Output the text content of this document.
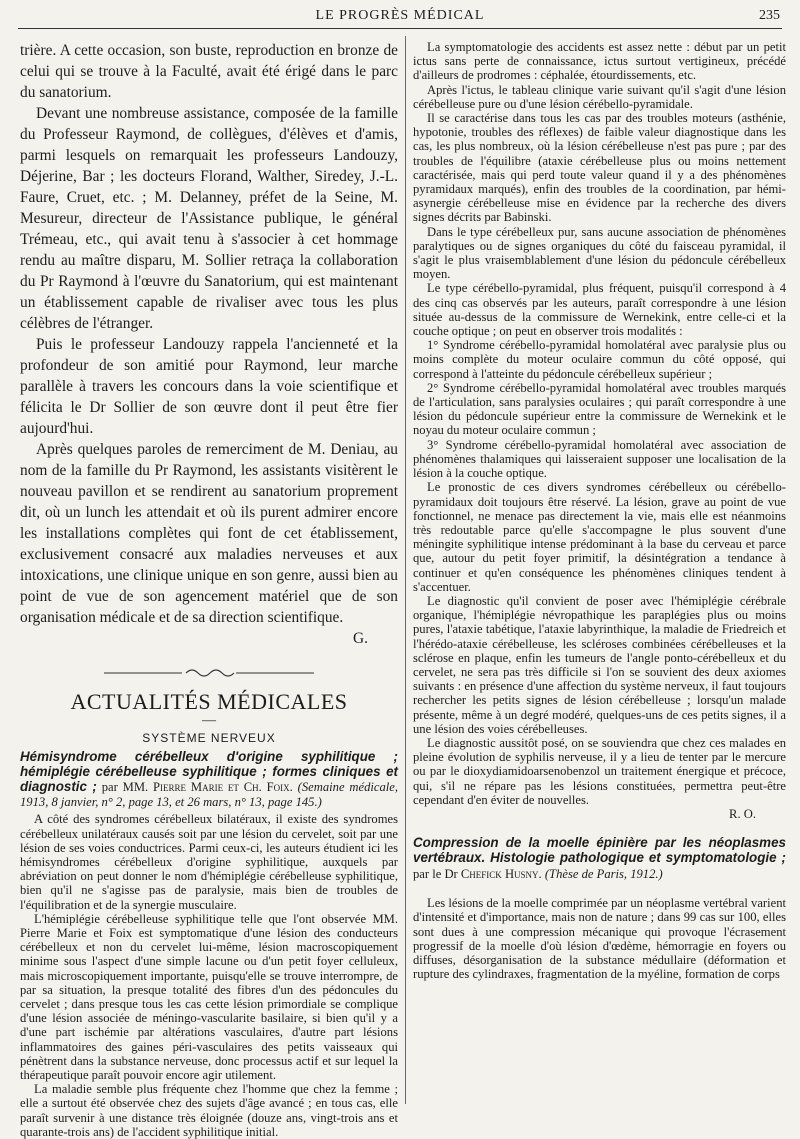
LE PROGRÈS MÉDICAL	235

trière. A cette occasion, son buste, reproduction en bronze de celui qui se trouve à la Faculté, avait été érigé dans le parc du sanatorium.

Devant une nombreuse assistance, composée de la famille du Professeur Raymond, de collègues, d'élèves et d'amis, parmi lesquels on remarquait les professeurs Landouzy, Déjerine, Bar ; les docteurs Florand, Walther, Siredey, J.-L. Faure, Cruet, etc. ; M. Delanney, préfet de la Seine, M. Mesureur, directeur de l'Assistance publique, le général Trémeau, etc., qui avait tenu à s'associer à cet hommage rendu au maître disparu, M. Sollier retraça la collaboration du Pr Raymond à l'œuvre du Sanatorium, qui est maintenant un établissement capable de rivaliser avec tous les plus célèbres de l'étranger.

Puis le professeur Landouzy rappela l'ancienneté et la profondeur de son amitié pour Raymond, leur marche parallèle à travers les concours dans la voie scientifique et félicita le Dr Sollier de son œuvre dont il peut être fier aujourd'hui.

Après quelques paroles de remerciment de M. Deniau, au nom de la famille du Pr Raymond, les assistants visitèrent le nouveau pavillon et se rendirent au sanatorium proprement dit, où un lunch les attendait et où ils purent admirer encore les installations complètes qui font de cet établissement, exclusivement consacré aux maladies nerveuses et aux intoxications, une clinique unique en son genre, aussi bien au point de vue de son agencement matériel que de son organisation médicale et de sa direction scientifique.

G.

ACTUALITÉS MÉDICALES
—
SYSTÈME NERVEUX
Hémisyndrome cérébelleux d'origine syphilitique ; hémiplégie cérébelleuse syphilitique ; formes cliniques et diagnostic ; par MM. Pierre Marie et Ch. Foix. (Semaine médicale, 1913, 8 janvier, n° 2, page 13, et 26 mars, n° 13, page 145.)

A côté des syndromes cérébelleux bilatéraux, il existe des syndromes cérébelleux unilatéraux causés soit par une lésion du cervelet, soit par une lésion de ses voies conductrices. Parmi ceux-ci, les auteurs étudient ici les hémisyndromes cérébelleux d'origine syphilitique, auxquels par abréviation on peut donner le nom d'hémiplégie cérébelleuse syphilitique, bien qu'il ne s'agisse pas de paralysie, mais bien de troubles de l'équilibration et de la synergie musculaire.

L'hémiplégie cérébelleuse syphilitique telle que l'ont observée MM. Pierre Marie et Foix est symptomatique d'une lésion des conducteurs cérébelleux et non du cervelet lui-même, lésion macroscopiquement minime sous l'aspect d'une simple lacune ou d'un petit foyer celluleux, mais microscopiquement importante, puisqu'elle se trouve interrompre, de par sa situation, la presque totalité des fibres d'un des pédoncules du cervelet ; dans presque tous les cas cette lésion primordiale se complique d'une lésion associée de méningo-vascularite basilaire, si bien qu'il y a d'une part ischémie par altérations vasculaires, d'autre part lésions inflammatoires des gaines péri-vasculaires des petits vaisseaux qui pénètrent dans la substance nerveuse, donc processus actif et sur lequel la thérapeutique paraît pouvoir encore agir utilement.

La maladie semble plus fréquente chez l'homme que chez la femme ; elle a surtout été observée chez des sujets d'âge avancé ; en tous cas, elle paraît survenir à une distance très éloignée (douze ans, vingt-trois ans et quarante-trois ans) de l'accident syphilitique initial.

La symptomatologie des accidents est assez nette : début par un petit ictus sans perte de connaissance, ictus surtout vertigineux, précédé d'ailleurs de prodromes : céphalée, étourdissements, etc.

Après l'ictus, le tableau clinique varie suivant qu'il s'agit d'une lésion cérébelleuse pure ou d'une lésion cérébello-pyramidale.

Il se caractérise dans tous les cas par des troubles moteurs (asthénie, hypotonie, troubles des réflexes) de faible valeur diagnostique dans les cas, les plus nombreux, où la lésion cérébelleuse n'est pas pure ; par des troubles de l'équilibre (ataxie cérébelleuse plus ou moins nettement caractérisée, mais qui perd toute valeur quand il y a des phénomènes pyramidaux marqués), enfin des troubles de la coordination, par hémi-asynergie cérébelleuse mise en évidence par la recherche des divers signes décrits par Babinski.

Dans le type cérébelleux pur, sans aucune association de phénomènes paralytiques ou de signes organiques du côté du faisceau pyramidal, il s'agit le plus vraisemblablement d'une lésion du pédoncule cérébelleux moyen.

Le type cérébello-pyramidal, plus fréquent, puisqu'il correspond à 4 des cinq cas observés par les auteurs, paraît correspondre à une lésion située au-dessus de la commissure de Wernekink, entre celle-ci et la couche optique ; on peut en observer trois modalités :

1° Syndrome cérébello-pyramidal homolatéral avec paralysie plus ou moins complète du moteur oculaire commun du côté opposé, qui correspond à l'atteinte du pédoncule cérébelleux supérieur ;

2° Syndrome cérébello-pyramidal homolatéral avec troubles marqués de l'articulation, sans paralysies oculaires ; qui paraît correspondre à une lésion du pédoncule supérieur entre la commissure de Wernekink et le noyau du moteur oculaire commun ;

3° Syndrome cérébello-pyramidal homolatéral avec association de phénomènes thalamiques qui laisseraient supposer une localisation de la lésion à la couche optique.

Le pronostic de ces divers syndromes cérébelleux ou cérébello-pyramidaux doit toujours être réservé. La lésion, grave au point de vue fonctionnel, ne menace pas directement la vie, mais elle est néanmoins très redoutable parce qu'elle s'accompagne le plus souvent d'une méningite syphilitique intense prédominant à la base du cerveau et parce que, autour du petit foyer primitif, la désintégration a tendance à continuer et qu'en conséquence les phénomènes cliniques tendent à s'accentuer.

Le diagnostic qu'il convient de poser avec l'hémiplégie cérébrale organique, l'hémiplégie névropathique les paraplégies plus ou moins pures, l'ataxie tabétique, l'ataxie labyrinthique, la maladie de Friedreich et l'hérédo-ataxie cérébelleuse, les scléroses combinées cérébelleuses et la sclérose en plaque, enfin les tumeurs de l'angle ponto-cérébelleux et du cervelet, ne sera pas très difficile si l'on se souvient des deux axiomes suivants : en présence d'une affection du système nerveux, il faut toujours rechercher les petits signes de lésion cérébelleuse ; lorsqu'un malade présente, même à un degré modéré, quelques-uns de ces petits signes, il a une lésion des voies cérébelleuses.

Le diagnostic aussitôt posé, on se souviendra que chez ces malades en pleine évolution de syphilis nerveuse, il y a lieu de tenter par le mercure ou par le dioxydiamidoarsenobenzol un traitement énergique et précoce, qui, s'il ne répare pas les lésions constituées, permettra peut-être cependant d'en éviter de nouvelles.

R. O.

Compression de la moelle épinière par les néoplasmes vertébraux. Histologie pathologique et symptomatologie ; par le Dr Chefick Husny. (Thèse de Paris, 1912.)

Les lésions de la moelle comprimée par un néoplasme vertébral varient d'intensité et d'importance, mais non de nature ; dans 99 cas sur 100, elles sont dues à une compression mécanique qui provoque l'écrasement progressif de la moelle d'où lésion d'œdème, hémorragie en foyers ou diffuses, désorganisation de la substance médullaire (déformation et rupture des cylindraxes, fragmentation de la myéline, formation de corps
